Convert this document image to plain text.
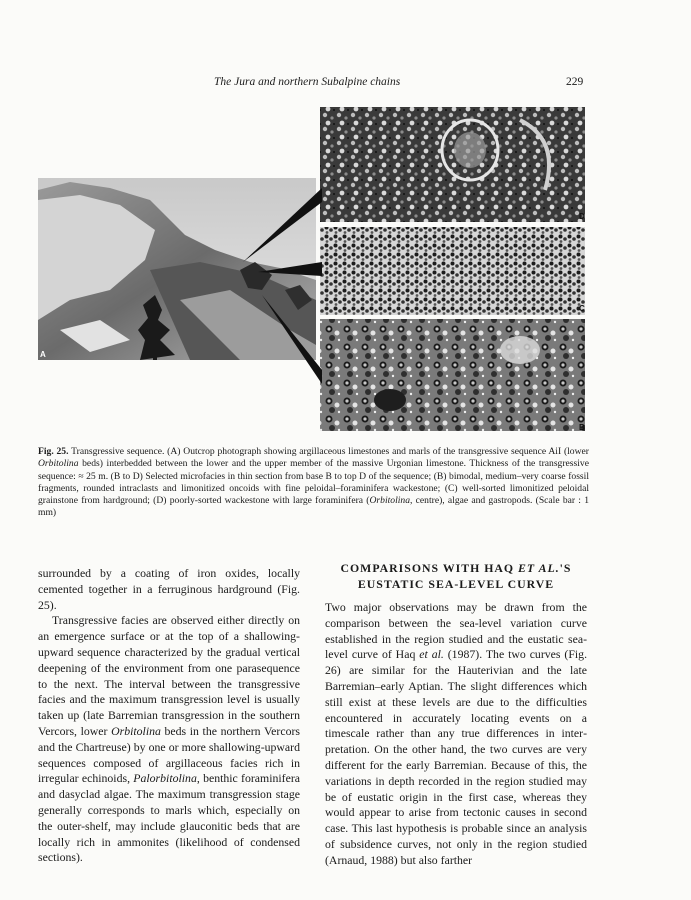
The Jura and northern Subalpine chains	229
A
B
C
D
Fig. 25. Transgressive sequence. (A) Outcrop photograph showing argillaceous limestones and marls of the transgressive sequence AiI (lower Orbitolina beds) interbedded between the lower and the upper member of the massive Urgonian limestone. Thickness of the transgressive sequence: ≈ 25 m. (B to D) Selected microfacies in thin section from base B to top D of the sequence; (B) bimodal, medium–very coarse fossil fragments, rounded intraclasts and limonitized oncoids with fine peloidal–foraminifera wackestone; (C) well-sorted limonitized peloidal grainstone from hardground; (D) poorly-sorted wackestone with large foraminifera (Orbitolina, centre), algae and gastropods. (Scale bar : 1 mm)

surrounded by a coating of iron oxides, locally cemented together in a ferruginous hardground (Fig. 25).

Transgressive facies are observed either directly on an emergence surface or at the top of a shallowing-upward sequence characterized by the gradual vertical deepening of the environment from one parasequence to the next. The interval between the transgressive facies and the maximum transgression level is usually taken up (late Barremian transgression in the southern Vercors, lower Orbitolina beds in the northern Vercors and the Chartreuse) by one or more shallowing-upward sequences composed of argillaceous facies rich in irregular echinoids, Palorbitolina, benthic foraminifera and dasyclad algae. The maximum transgression stage generally corresponds to marls which, especially on the outer-shelf, may include glauconitic beds that are locally rich in ammonites (likelihood of condensed sections).

COMPARISONS WITH HAQ ET AL.'S
EUSTATIC SEA-LEVEL CURVE

Two major observations may be drawn from the comparison between the sea-level variation curve established in the region studied and the eustatic sea-level curve of Haq et al. (1987). The two curves (Fig. 26) are similar for the Hauterivian and the late Barremian–early Aptian. The slight differences which still exist at these levels are due to the difficulties encountered in accurately locating events on a timescale rather than any true differences in interpretation. On the other hand, the two curves are very different for the early Barremian. Because of this, the variations in depth recorded in the region studied may be of eustatic origin in the first case, whereas they would appear to arise from tectonic causes in second case. This last hypothesis is probable since an analysis of subsidence curves, not only in the region studied (Arnaud, 1988) but also farther
